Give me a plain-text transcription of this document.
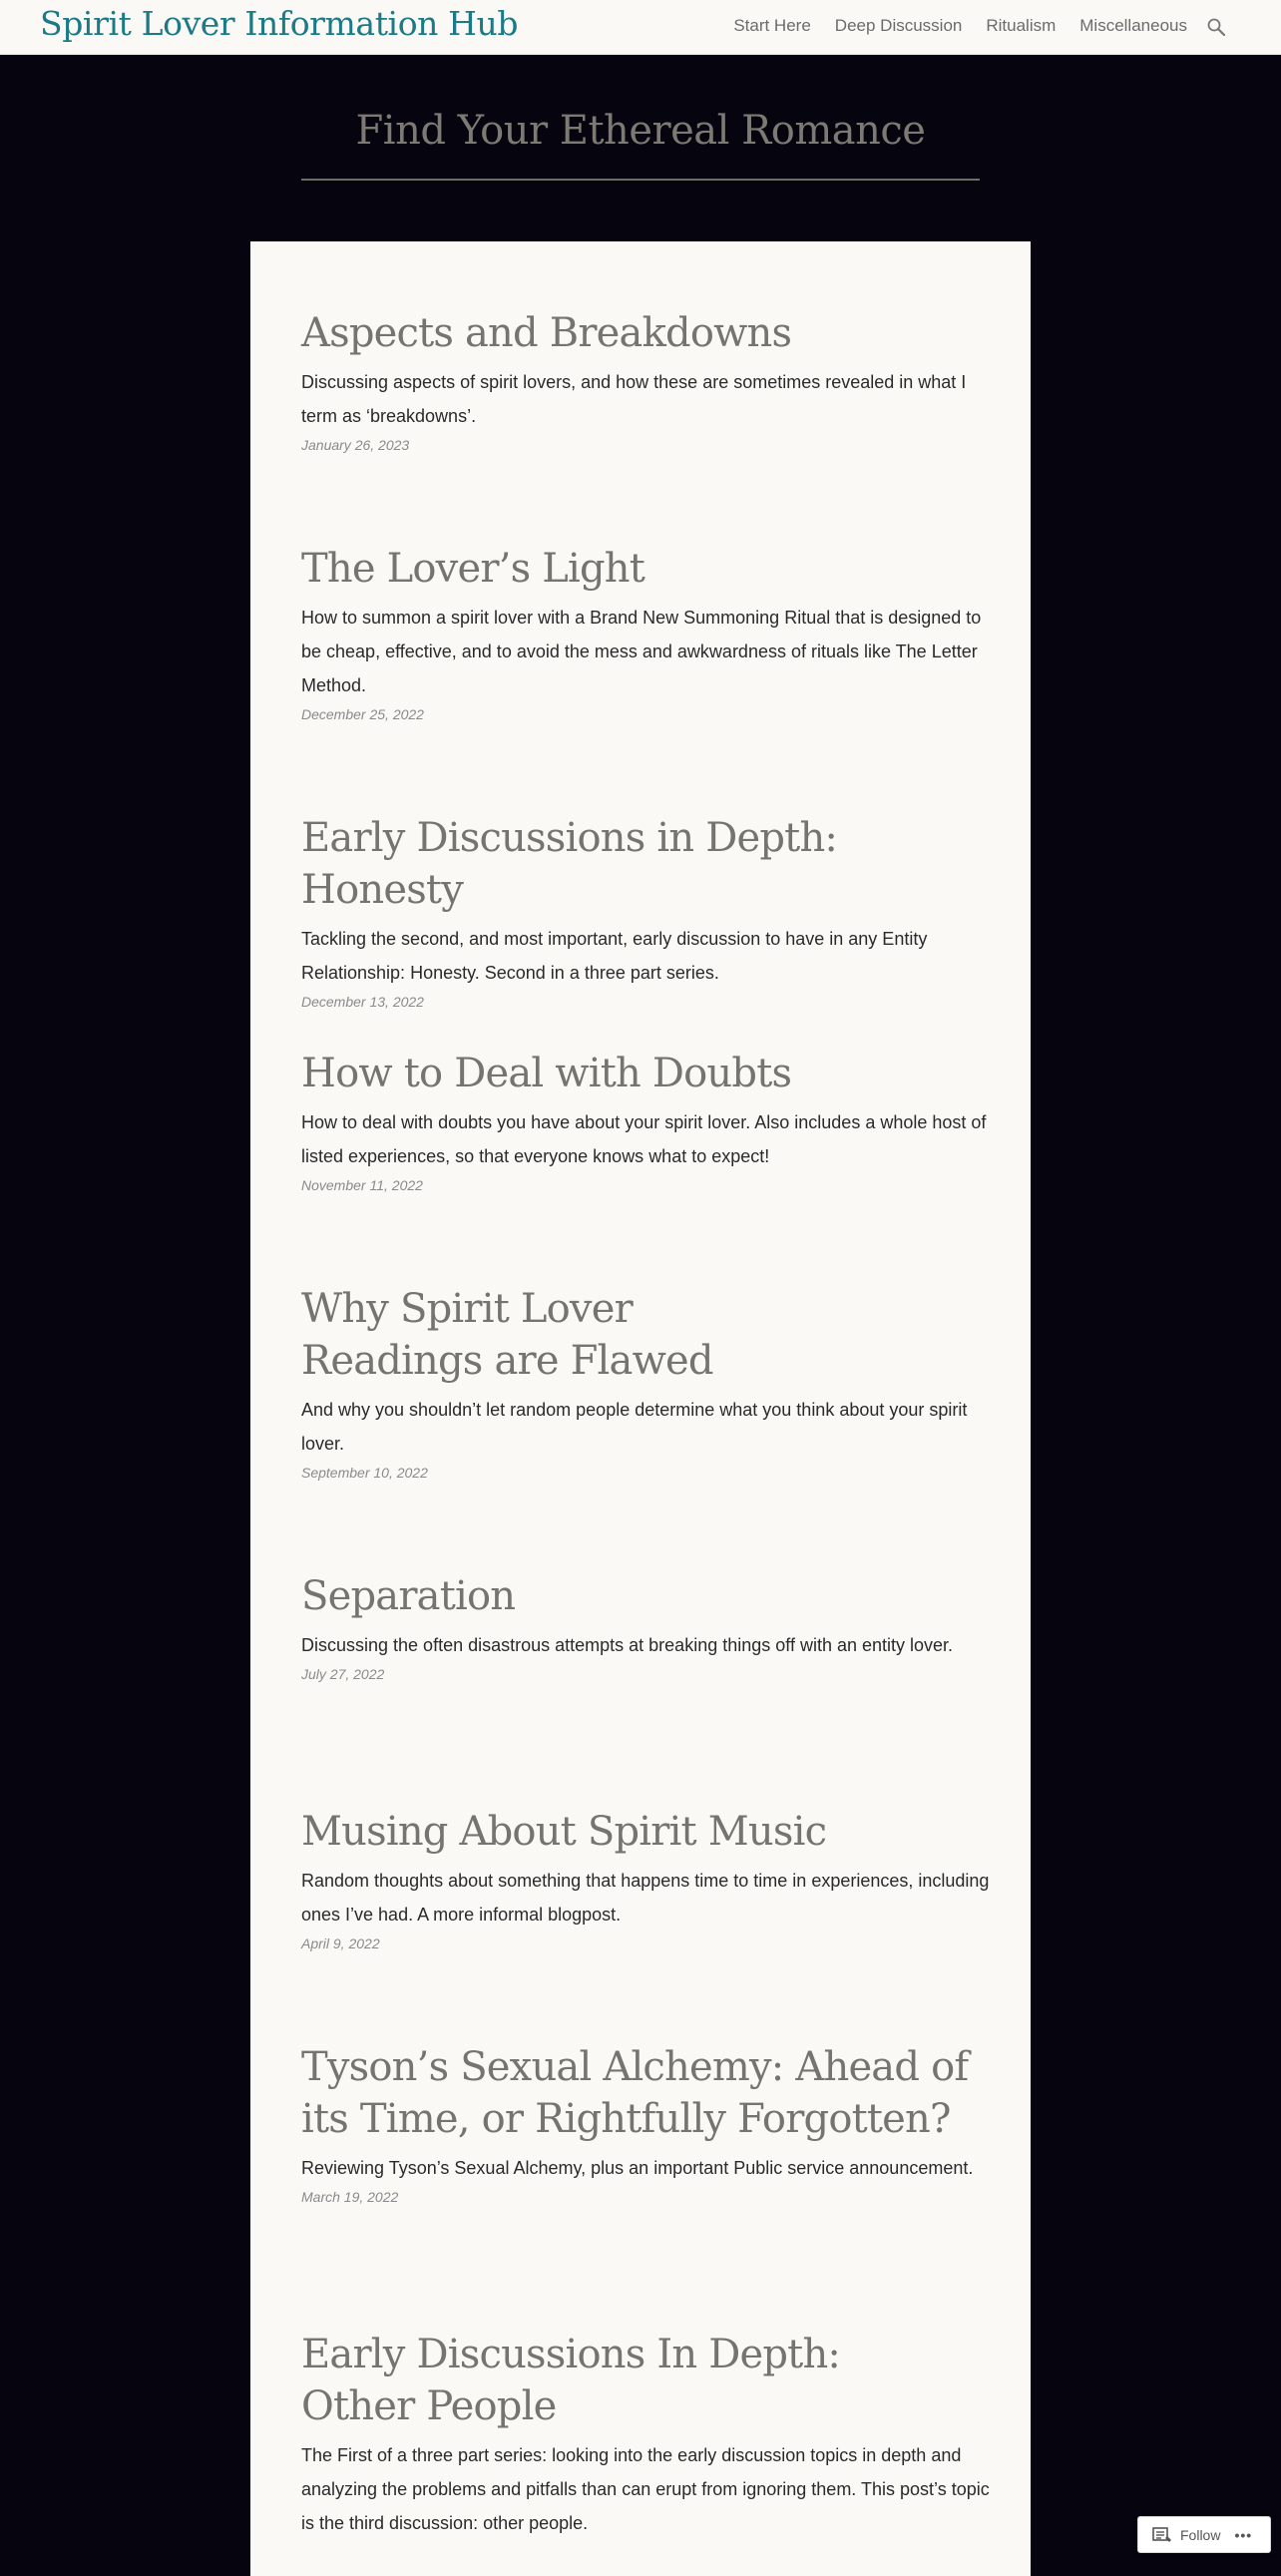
Spirit Lover Information Hub	Start Here Deep Discussion Ritualism Miscellaneous
Find Your Ethereal Romance
Aspects and Breakdowns
Discussing aspects of spirit lovers, and how these are sometimes revealed in what I term as ‘breakdowns’.
January 26, 2023
The Lover’s Light
How to summon a spirit lover with a Brand New Summoning Ritual that is designed to be cheap, effective, and to avoid the mess and awkwardness of rituals like The Letter Method.
December 25, 2022
Early Discussions in Depth: Honesty
Tackling the second, and most important, early discussion to have in any Entity Relationship: Honesty. Second in a three part series.
December 13, 2022
How to Deal with Doubts
How to deal with doubts you have about your spirit lover. Also includes a whole host of listed experiences, so that everyone knows what to expect!
November 11, 2022
Why Spirit Lover Readings are Flawed
And why you shouldn’t let random people determine what you think about your spirit lover.
September 10, 2022
Separation
Discussing the often disastrous attempts at breaking things off with an entity lover.
July 27, 2022
Musing About Spirit Music
Random thoughts about something that happens time to time in experiences, including ones I’ve had. A more informal blogpost.
April 9, 2022
Tyson’s Sexual Alchemy: Ahead of its Time, or Rightfully Forgotten?
Reviewing Tyson’s Sexual Alchemy, plus an important Public service announcement.
March 19, 2022
Early Discussions In Depth: Other People
The First of a three part series: looking into the early discussion topics in depth and analyzing the problems and pitfalls than can erupt from ignoring them. This post’s topic is the third discussion: other people.
Follow •••
